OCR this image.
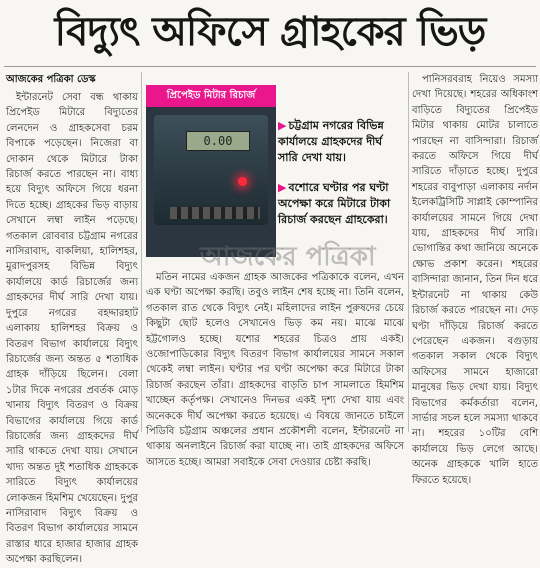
বিদ্যুৎ অফিসে গ্রাহকের ভিড়
আজকের পত্রিকা ডেস্ক

ইন্টারনেট সেবা বন্ধ থাকায় প্রিপেইড মিটারে বিদ্যুতের লেনদেন ও গ্রাহকসেবা চরম বিপাকে পড়েছেন। নিজেরা বা দোকান থেকে মিটারে টাকা রিচার্জ করতে পারছেন না। বাধ্য হয়ে বিদ্যুৎ অফিসে গিয়ে ধরনা দিতে হচ্ছে। গ্রাহকের ভিড় বাড়ায় সেখানে লম্বা লাইন পড়েছে। গতকাল রোববার চট্টগ্রাম নগরের নাসিরাবাদ, বাকলিয়া, হালিশহর, মুরাদপুরসহ বিভিন্ন বিদ্যুৎ কার্যালয়ে কার্ড রিচার্জের জন্য গ্রাহকদের দীর্ঘ সারি দেখা যায়। দুপুরে নগরের বহদ্দারহাট এলাকায় হালিশহর বিক্রয় ও বিতরণ বিভাগ কার্যালয়ে বিদ্যুৎ রিচার্জের জন্য অন্তত ৫ শতাধিক গ্রাহক দাঁড়িয়ে ছিলেন। বেলা ১টার দিকে নগরের প্রবর্তক মোড় খানায় বিদ্যুৎ বিতরণ ও বিক্রয় বিভাগের কার্যালয়ে গিয়ে কার্ড রিচার্জের জন্য গ্রাহকদের দীর্ঘ সারি থাকতে দেখা যায়। সেখানে খাদ্য অন্তত দুই শতাধিক গ্রাহককে সারিতে বিদ্যুৎ কার্যালয়ের লোকজন হিমশিম খেয়েছেন। দুপুর নাসিরাবাদ বিদ্যুৎ বিক্রয় ও বিতরণ বিভাগ কার্যালয়ের সামনে রাস্তার ধারে হাজার হাজার গ্রাহক অপেক্ষা করছিলেন।

প্রিপেইড মিটার রিচার্জ
0.00
▶ চট্টগ্রাম নগরের বিভিন্ন কার্যালয়ে গ্রাহকদের দীর্ঘ সারি দেখা যায়।
▶ বশোরে ঘণ্টার পর ঘণ্টা অপেক্ষা করে মিটারে টাকা রিচার্জ করছেন গ্রাহকেরা।

মতিন নামের একজন গ্রাহক আজকের পত্রিকাকে বলেন, এখন এক ঘণ্টা অপেক্ষা করছি। তবুও লাইন শেষ হচ্ছে না। তিনি বলেন, গতকাল রাত থেকে বিদ্যুৎ নেই। মহিলাদের লাইন পুরুষদের চেয়ে কিছুটা ছোট হলেও সেখানেও ভিড় কম নয়। মাঝে মাঝে হট্টগোলও হচ্ছে। যশোর শহরের চিত্রও প্রায় একই। ওজোপাডিকোর বিদ্যুৎ বিতরণ বিভাগ কার্যালয়ের সামনে সকাল থেকেই লম্বা লাইন। ঘণ্টার পর ঘণ্টা অপেক্ষা করে মিটারে টাকা রিচার্জ করছেন তাঁরা। গ্রাহকদের বাড়তি চাপ সামলাতে হিমশিম খাচ্ছেন কর্তৃপক্ষ। সেখানেও দিনভর একই দৃশ্য দেখা যায় এবং অনেককে দীর্ঘ অপেক্ষা করতে হয়েছে। এ বিষয়ে জানতে চাইলে পিডিবি চট্টগ্রাম অঞ্চলের প্রধান প্রকৌশলী বলেন, ইন্টারনেট না থাকায় অনলাইনে রিচার্জ করা যাচ্ছে না। তাই গ্রাহকদের অফিসে আসতে হচ্ছে। আমরা সবাইকে সেবা দেওয়ার চেষ্টা করছি।

পানিসরবরাহ নিয়েও সমস্যা দেখা দিয়েছে। শহরের অধিকাংশ বাড়িতে বিদ্যুতের প্রিপেইড মিটার থাকায় মোটর চালাতে পারছেন না বাসিন্দারা। রিচার্জ করতে অফিসে গিয়ে দীর্ঘ সারিতে দাঁড়াতে হচ্ছে। দুপুরে শহরের বাবুপাড়া এলাকায় নর্দান ইলেকট্রিসিটি সাপ্লাই কোম্পানির কার্যালয়ের সামনে গিয়ে দেখা যায়, গ্রাহকদের দীর্ঘ সারি। ভোগান্তির কথা জানিয়ে অনেকে ক্ষোভ প্রকাশ করেন। শহরের বাসিন্দারা জানান, তিন দিন ধরে ইন্টারনেট না থাকায় কেউ রিচার্জ করতে পারছেন না। দেড় ঘণ্টা দাঁড়িয়ে রিচার্জ করতে পেরেছেন একজন। বগুড়ায় গতকাল সকাল থেকে বিদ্যুৎ অফিসের সামনে হাজারো মানুষের ভিড় দেখা যায়। বিদ্যুৎ বিভাগের কর্মকর্তারা বলেন, সার্ভার সচল হলে সমস্যা থাকবে না। শহরের ১০টির বেশি কার্যালয়ে ভিড় লেগে আছে। অনেক গ্রাহককে খালি হাতে ফিরতে হয়েছে।

আজকের পত্রিকা
